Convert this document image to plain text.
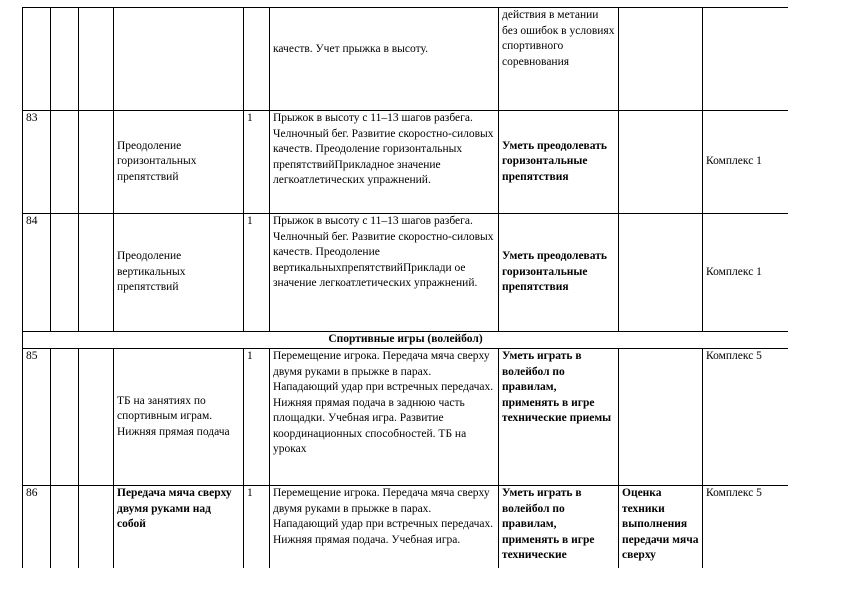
					качеств. Учет прыжка в высоту.	действия в метании без ошибок в условиях спортивного соревнования		
83			Преодоление горизонтальных препятствий	1	Прыжок в высоту с 11–13 шагов разбега. Челночный бег. Развитие скоростно-силовых качеств. Преодоление горизонтальных препятствийПрикладное значение легкоатлетических упражнений.	Уметь преодолевать горизонтальные препятствия		Комплекс 1
84			Преодоление вертикальных препятствий	1	Прыжок в высоту с 11–13 шагов разбега. Челночный бег. Развитие скоростно-силовых качеств. Преодоление вертикальныхпрепятствийПриклади ое значение легкоатлетических упражнений.	Уметь преодолевать горизонтальные препятствия		Комплекс 1
Спортивные игры (волейбол)								
85			ТБ на занятиях по спортивным играм. Нижняя прямая подача	1	Перемещение игрока. Передача мяча сверху двумя руками в прыжке в парах. Нападающий удар при встречных передачах. Нижняя прямая подача в заднюю часть площадки. Учебная игра. Развитие координационных способностей. ТБ на уроках	Уметь играть в волейбол по правилам, применять в игре технические приемы		Комплекс 5
86			Передача мяча сверху двумя руками над собой	1	Перемещение игрока. Передача мяча сверху двумя руками в прыжке в парах. Нападающий удар при встречных передачах. Нижняя прямая подача. Учебная игра.	Уметь играть в волейбол по правилам, применять в игре технические	Оценка техники выполнения передачи мяча сверху	Комплекс 5
